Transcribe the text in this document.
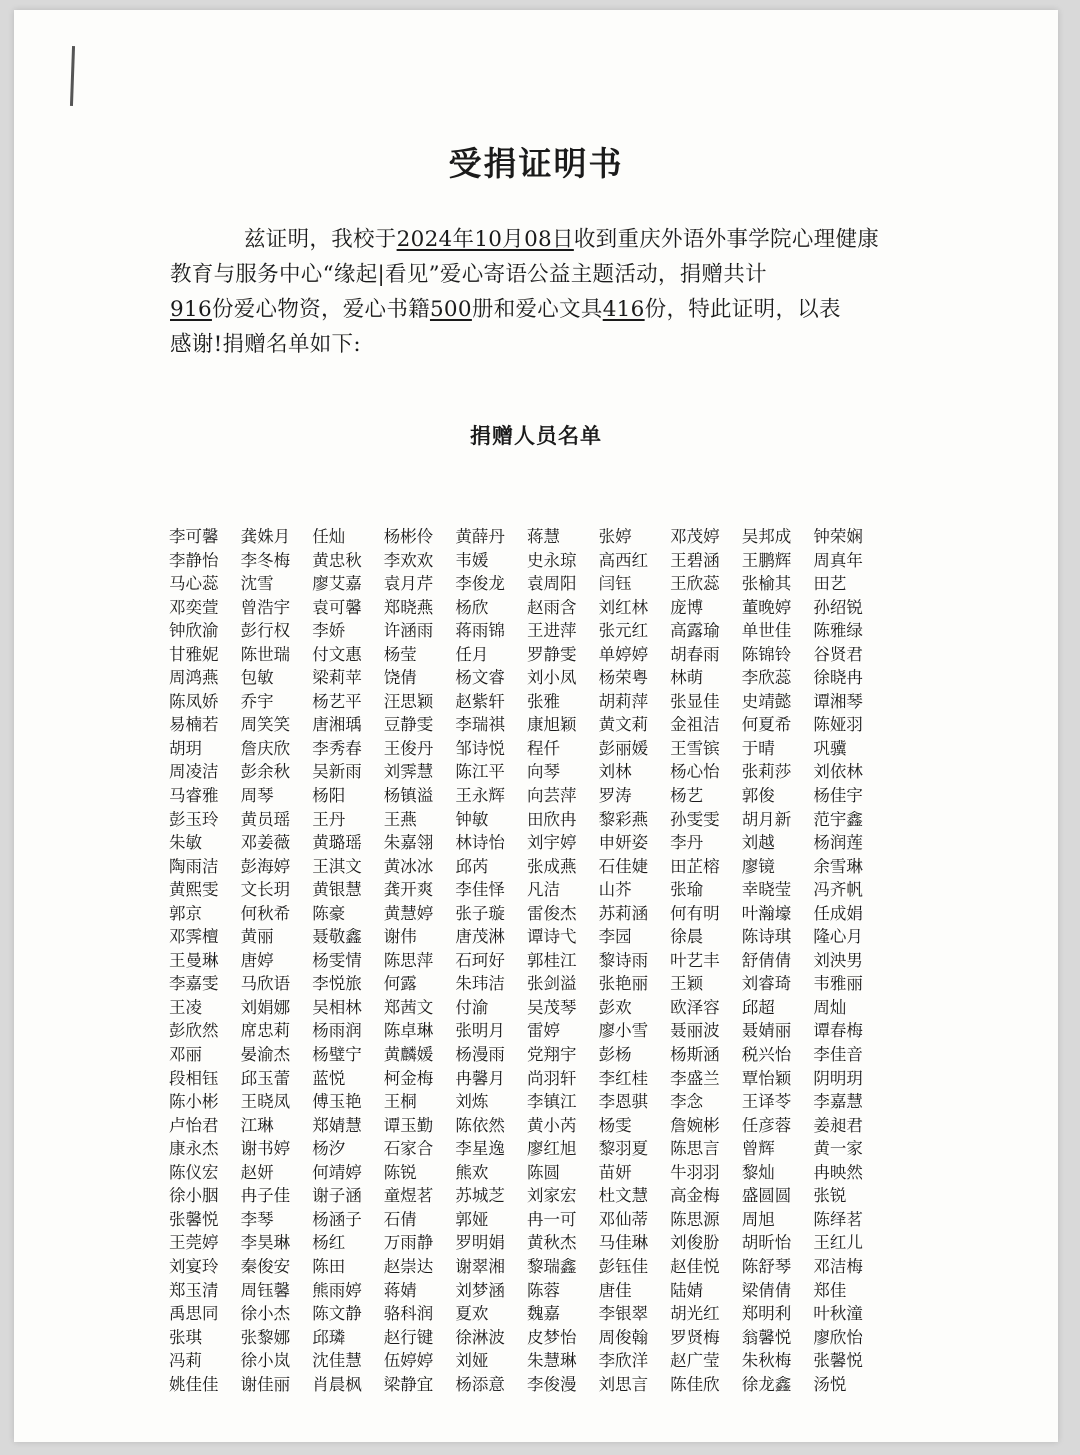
受捐证明书
兹证明，我校于2024年10月08日收到重庆外语外事学院心理健康
教育与服务中心“缘起|看见”爱心寄语公益主题活动，捐赠共计
916份爱心物资，爱心书籍500册和爱心文具416份，特此证明，以表
感谢!捐赠名单如下:
捐赠人员名单
李可馨	龚姝月	任灿	杨彬伶	黄薛丹	蒋慧	张婷	邓茂婷	吴邦成	钟荣娴
李静怡	李冬梅	黄忠秋	李欢欢	韦媛	史永琼	高西红	王碧涵	王鹏辉	周真年
马心蕊	沈雪	廖艾嘉	袁月芹	李俊龙	袁周阳	闫钰	王欣蕊	张榆其	田艺
邓奕萱	曾浩宇	袁可馨	郑晓燕	杨欣	赵雨含	刘红林	庞博	董晚婷	孙绍锐
钟欣渝	彭行权	李娇	许涵雨	蒋雨锦	王进萍	张元红	高露瑜	单世佳	陈雅绿
甘雅妮	陈世瑞	付文惠	杨莹	任月	罗静雯	单婷婷	胡春雨	陈锦铃	谷贤君
周鸿燕	包敏	梁莉苹	饶倩	杨文睿	刘小凤	杨荣粤	林萌	李欣蕊	徐晓冉
陈凤娇	乔宇	杨艺平	汪思颖	赵紫轩	张雅	胡莉萍	张显佳	史靖懿	谭湘琴
易楠若	周笑笑	唐湘瑀	豆静雯	李瑞祺	康旭颖	黄文莉	金祖洁	何夏希	陈娅羽
胡玥	詹庆欣	李秀春	王俊丹	邹诗悦	程仟	彭丽媛	王雪镔	于晴	巩骥
周凌洁	彭余秋	吴新雨	刘霁慧	陈江平	向琴	刘林	杨心怡	张莉莎	刘依林
马睿雅	周琴	杨阳	杨镇溢	王永辉	向芸萍	罗涛	杨艺	郭俊	杨佳宇
彭玉玲	黄员瑶	王丹	王燕	钟敏	田欣冉	黎彩燕	孙雯雯	胡月新	范宇鑫
朱敏	邓姜薇	黄璐瑶	朱嘉翎	林诗怡	刘宇婷	申妍姿	李丹	刘越	杨润莲
陶雨洁	彭海婷	王淇文	黄冰冰	邱芮	张成燕	石佳婕	田芷榕	廖镜	余雪琳
黄熙雯	文长玥	黄银慧	龚开爽	李佳怿	凡洁	山芥	张瑜	幸晓莹	冯齐帆
郭京	何秋希	陈豪	黄慧婷	张子璇	雷俊杰	苏莉涵	何有明	叶瀚壕	任成娟
邓霁檀	黄丽	聂敬鑫	谢伟	唐茂淋	谭诗弋	李园	徐晨	陈诗琪	隆心月
王曼琳	唐婷	杨雯情	陈思萍	石珂好	郭桂江	黎诗雨	叶艺丰	舒倩倩	刘泱男
李嘉雯	马欣语	李悦旅	何露	朱玮洁	张剑溢	张艳丽	王颖	刘睿琦	韦雅丽
王凌	刘娟娜	吴相林	郑茜文	付渝	吴茂琴	彭欢	欧泽容	邱超	周灿
彭欣然	席忠莉	杨雨润	陈卓琳	张明月	雷婷	廖小雪	聂丽波	聂婧丽	谭春梅
邓丽	晏渝杰	杨璧宁	黄麟媛	杨漫雨	党翔宇	彭杨	杨斯涵	税兴怡	李佳音
段相钰	邱玉蕾	蓝悦	柯金梅	冉馨月	尚羽轩	李红桂	李盛兰	覃怡颖	阴明玥
陈小彬	王晓凤	傅玉艳	王桐	刘炼	李镇江	李恩骐	李念	王译苓	李嘉慧
卢怡君	江琳	郑婧慧	谭玉勤	陈依然	黄小芮	杨雯	詹婉彬	任彦蓉	姜昶君
康永杰	谢书婷	杨汐	石家合	李星逸	廖红旭	黎羽夏	陈思言	曾辉	黄一家
陈仪宏	赵妍	何靖婷	陈锐	熊欢	陈圆	苗妍	牛羽羽	黎灿	冉映然
徐小胭	冉子佳	谢子涵	童煜茗	苏城芝	刘家宏	杜文慧	高金梅	盛圆圆	张锐
张馨悦	李琴	杨涵子	石倩	郭娅	冉一可	邓仙蒂	陈思源	周旭	陈绎茗
王莞婷	李昊琳	杨红	万雨静	罗明娟	黄秋杰	马佳琳	刘俊朌	胡昕怡	王红儿
刘宴玲	秦俊安	陈田	赵崇达	谢翠湘	黎瑞鑫	彭钰佳	赵佳悦	陈舒琴	邓洁梅
郑玉清	周钰馨	熊雨婷	蒋婧	刘梦涵	陈蓉	唐佳	陆婧	梁倩倩	郑佳
禹思同	徐小杰	陈文静	骆科润	夏欢	魏嘉	李银翠	胡光红	郑明利	叶秋潼
张琪	张黎娜	邱璘	赵行键	徐淋波	皮梦怡	周俊翰	罗贤梅	翁馨悦	廖欣怡
冯莉	徐小岚	沈佳慧	伍婷婷	刘娅	朱慧琳	李欣洋	赵广莹	朱秋梅	张馨悦
姚佳佳	谢佳丽	肖晨枫	梁静宜	杨添意	李俊漫	刘思言	陈佳欣	徐龙鑫	汤悦
